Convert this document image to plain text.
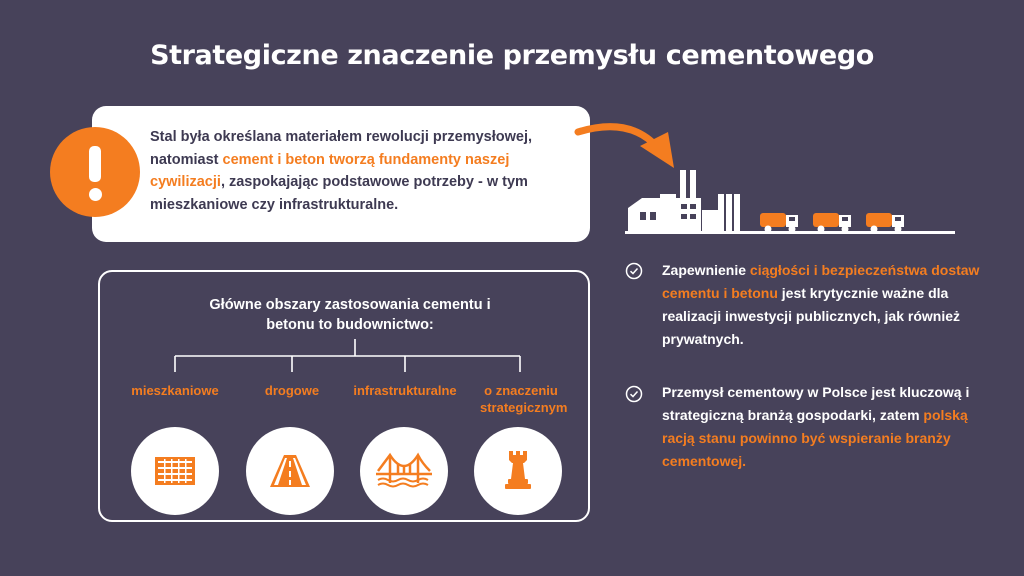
Strategiczne znaczenie przemysłu cementowego
Stal była określana materiałem rewolucji przemysłowej, natomiast cement i beton tworzą fundamenty naszej cywilizacji, zaspokajając podstawowe potrzeby - w tym mieszkaniowe czy infrastrukturalne.
Główne obszary zastosowania cementu i betonu to budownictwo:
mieszkaniowe	drogowe	infrastrukturalne	o znaczeniu strategicznym
Zapewnienie ciągłości i bezpieczeństwa dostaw cementu i betonu jest krytycznie ważne dla realizacji inwestycji publicznych, jak również prywatnych.
Przemysł cementowy w Polsce jest kluczową i strategiczną branżą gospodarki, zatem polską racją stanu powinno być wspieranie branży cementowej.
